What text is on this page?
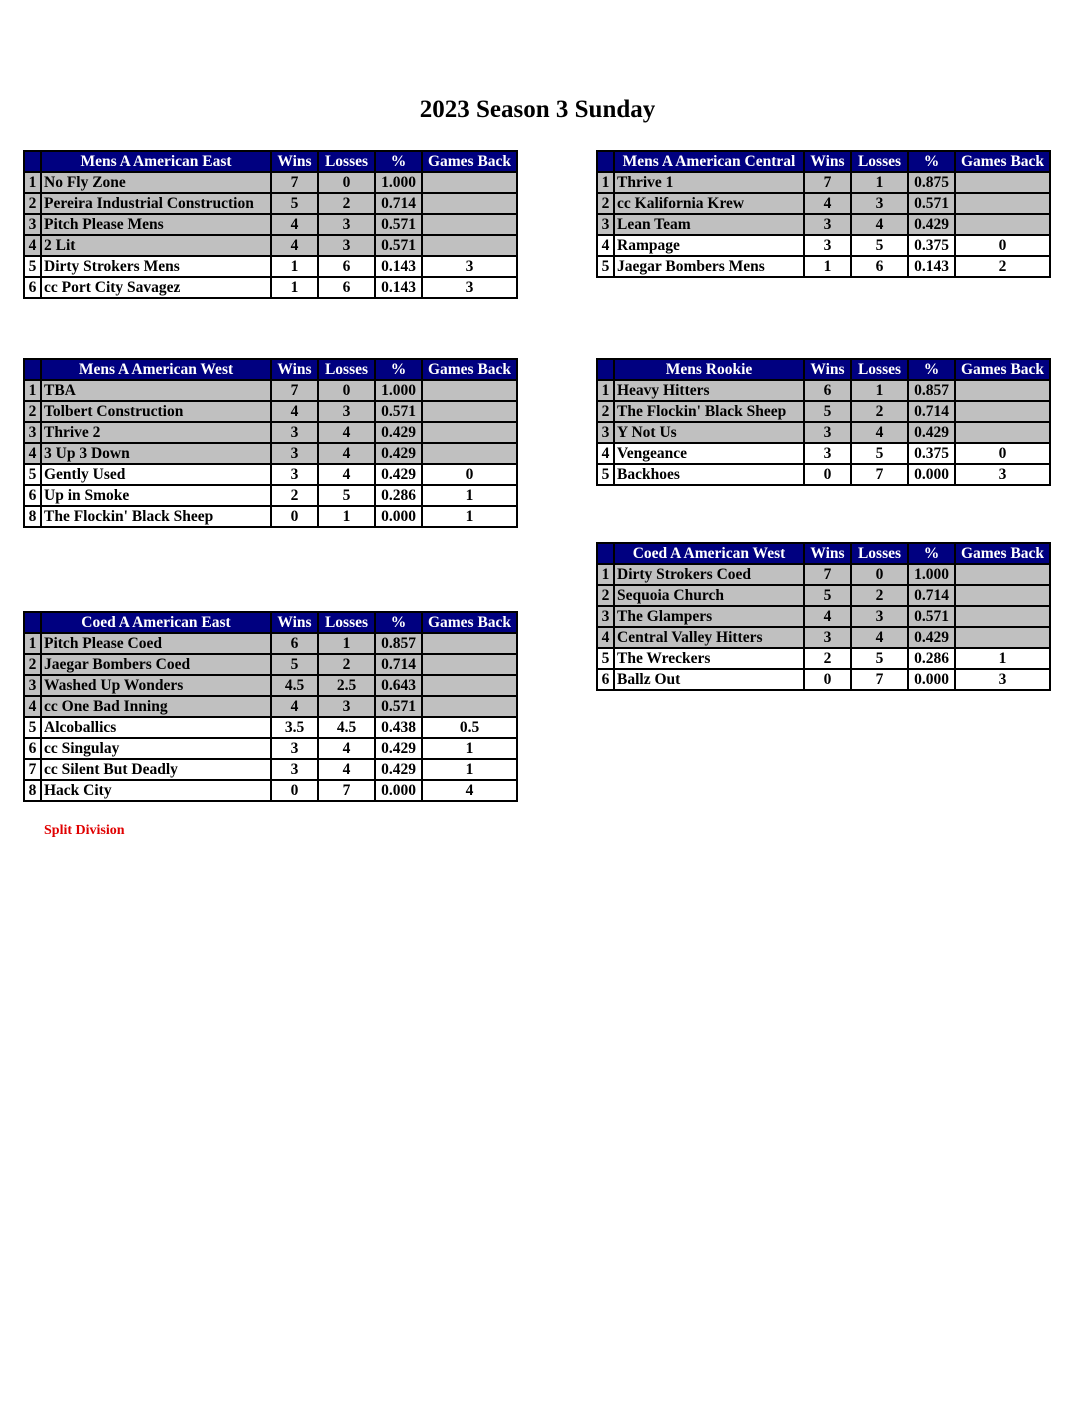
2023 Season 3 Sunday
	Mens A American East	Wins	Losses	%	Games Back
1	No Fly Zone	7	0	1.000	
2	Pereira Industrial Construction	5	2	0.714	
3	Pitch Please Mens	4	3	0.571	
4	2 Lit	4	3	0.571	
5	Dirty Strokers Mens	1	6	0.143	3
6	cc Port City Savagez	1	6	0.143	3
	Mens A American Central	Wins	Losses	%	Games Back
1	Thrive 1	7	1	0.875	
2	cc Kalifornia Krew	4	3	0.571	
3	Lean Team	3	4	0.429	
4	Rampage	3	5	0.375	0
5	Jaegar Bombers Mens	1	6	0.143	2
	Mens A American West	Wins	Losses	%	Games Back
1	TBA	7	0	1.000	
2	Tolbert Construction	4	3	0.571	
3	Thrive 2	3	4	0.429	
4	3 Up 3 Down	3	4	0.429	
5	Gently Used	3	4	0.429	0
6	Up in Smoke	2	5	0.286	1
8	The Flockin' Black Sheep	0	1	0.000	1
	Mens Rookie	Wins	Losses	%	Games Back
1	Heavy Hitters	6	1	0.857	
2	The Flockin' Black Sheep	5	2	0.714	
3	Y Not Us	3	4	0.429	
4	Vengeance	3	5	0.375	0
5	Backhoes	0	7	0.000	3
	Coed A American West	Wins	Losses	%	Games Back
1	Dirty Strokers Coed	7	0	1.000	
2	Sequoia Church	5	2	0.714	
3	The Glampers	4	3	0.571	
4	Central Valley Hitters	3	4	0.429	
5	The Wreckers	2	5	0.286	1
6	Ballz Out	0	7	0.000	3
	Coed A American East	Wins	Losses	%	Games Back
1	Pitch Please Coed	6	1	0.857	
2	Jaegar Bombers Coed	5	2	0.714	
3	Washed Up Wonders	4.5	2.5	0.643	
4	cc One Bad Inning	4	3	0.571	
5	Alcoballics	3.5	4.5	0.438	0.5
6	cc Singulay	3	4	0.429	1
7	cc Silent But Deadly	3	4	0.429	1
8	Hack City	0	7	0.000	4
Split Division
